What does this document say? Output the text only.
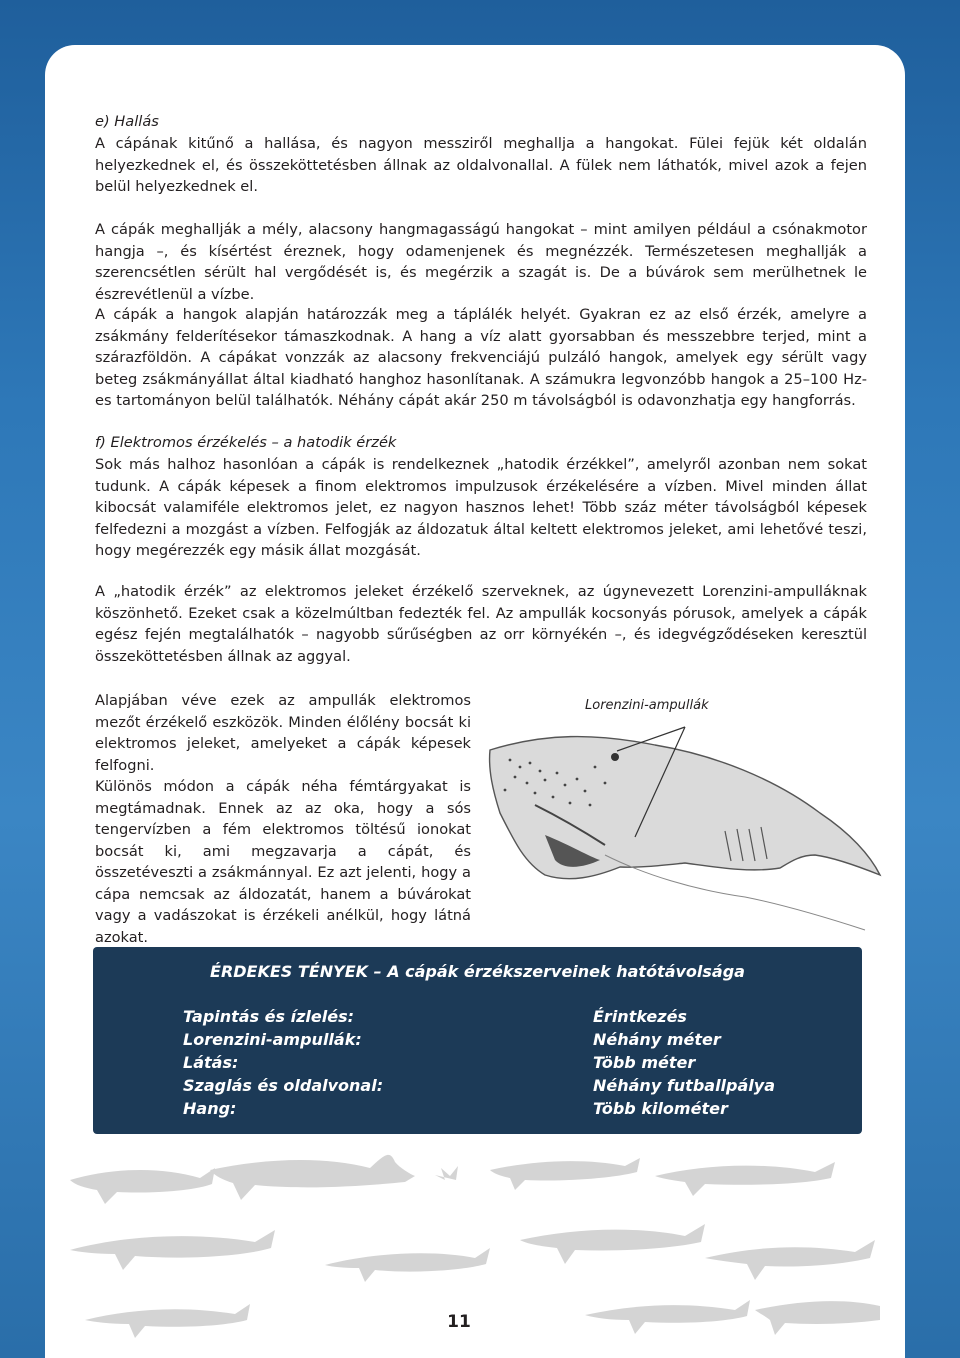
e) Hallás

A cápának kitűnő a hallása, és nagyon messziről meghallja a hangokat. Fülei fejük két oldalán helyezkednek el, és összeköttetésben állnak az oldalvonallal. A fülek nem láthatók, mivel azok a fejen belül helyezkednek el.

A cápák meghallják a mély, alacsony hangmagasságú hangokat – mint amilyen például a csónakmotor hangja –, és kísértést éreznek, hogy odamenjenek és megnézzék. Természetesen meghallják a szerencsétlen sérült hal vergődését is, és megérzik a szagát is. De a búvárok sem merülhetnek le észrevétlenül a vízbe.

A cápák a hangok alapján határozzák meg a táplálék helyét. Gyakran ez az első érzék, amelyre a zsákmány felderítésekor támaszkodnak. A hang a víz alatt gyorsabban és messzebbre terjed, mint a szárazföldön. A cápákat vonzzák az alacsony frekvenciájú pulzáló hangok, amelyek egy sérült vagy beteg zsákmányállat által kiadható hanghoz hasonlítanak. A számukra legvonzóbb hangok a 25–100 Hz-es tartományon belül találhatók. Néhány cápát akár 250 m távolságból is odavonzhatja egy hangforrás.

f) Elektromos érzékelés – a hatodik érzék

Sok más halhoz hasonlóan a cápák is rendelkeznek „hatodik érzékkel”, amelyről azonban nem sokat tudunk. A cápák képesek a finom elektromos impulzusok érzékelésére a vízben. Mivel minden állat kibocsát valamiféle elektromos jelet, ez nagyon hasznos lehet! Több száz méter távolságból képesek felfedezni a mozgást a vízben. Felfogják az áldozatuk által keltett elektromos jeleket, ami lehetővé teszi, hogy megérezzék egy másik állat mozgását.

A „hatodik érzék” az elektromos jeleket érzékelő szerveknek, az úgynevezett Lorenzini-ampulláknak köszönhető. Ezeket csak a közelmúltban fedezték fel. Az ampullák kocsonyás pórusok, amelyek a cápák egész fején megtalálhatók – nagyobb sűrűségben az orr környékén –, és idegvégződéseken keresztül összeköttetésben állnak az aggyal.

Alapjában véve ezek az ampullák elektromos mezőt érzékelő eszközök. Minden élőlény bocsát ki elektromos jeleket, amelyeket a cápák képesek felfogni.

Különös módon a cápák néha fémtárgyakat is megtámadnak. Ennek az az oka, hogy a sós tengervízben a fém elektromos töltésű ionokat bocsát ki, ami megzavarja a cápát, és összetéveszti a zsákmánnyal. Ez azt jelenti, hogy a cápa nemcsak az áldozatát, hanem a búvárokat vagy a vadászokat is érzékeli anélkül, hogy látná azokat.

Lorenzini-ampullák
ÉRDEKES TÉNYEK – A cápák érzékszerveinek hatótávolsága
Tapintás és ízlelés:	Érintkezés
Lorenzini-ampullák:	Néhány méter
Látás:	Több méter
Szaglás és oldalvonal:	Néhány futballpálya
Hang:	Több kilométer
11
